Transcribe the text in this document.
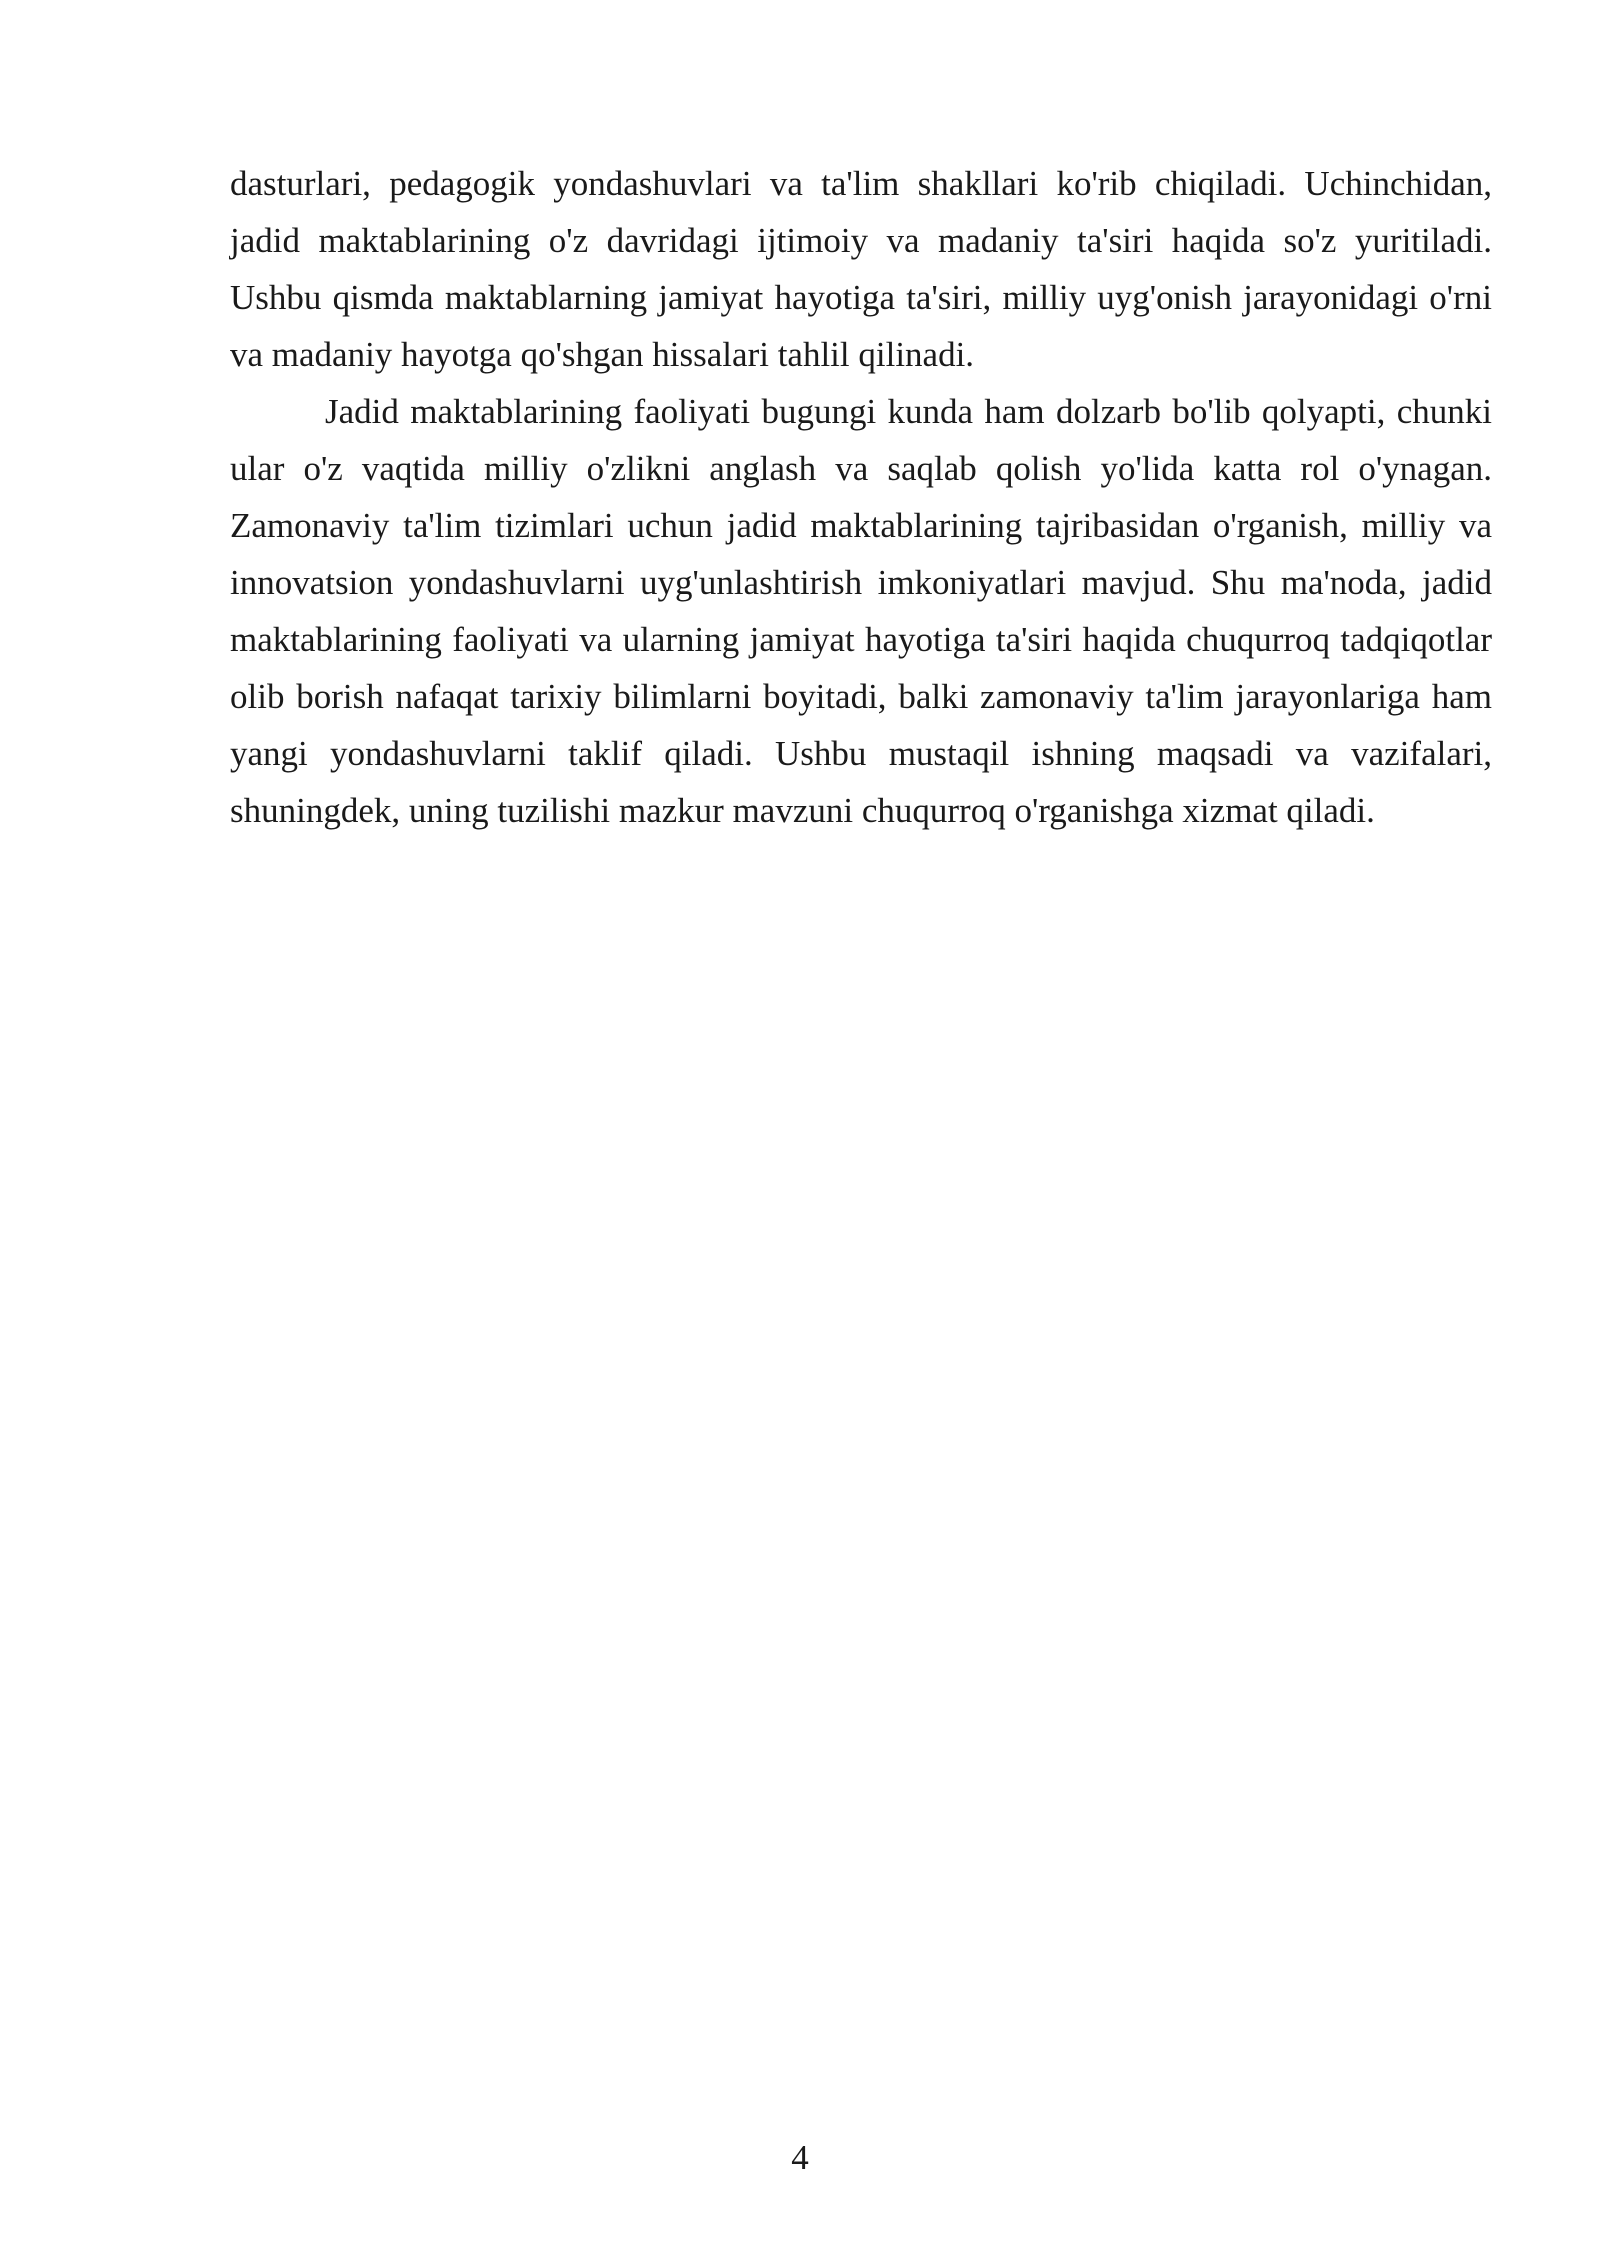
dasturlari, pedagogik yondashuvlari va ta'lim shakllari ko'rib chiqiladi. Uchinchidan, jadid maktablarining o'z davridagi ijtimoiy va madaniy ta'siri haqida so'z yuritiladi. Ushbu qismda maktablarning jamiyat hayotiga ta'siri, milliy uyg'onish jarayonidagi o'rni va madaniy hayotga qo'shgan hissalari tahlil qilinadi.

Jadid maktablarining faoliyati bugungi kunda ham dolzarb bo'lib qolyapti, chunki ular o'z vaqtida milliy o'zlikni anglash va saqlab qolish yo'lida katta rol o'ynagan. Zamonaviy ta'lim tizimlari uchun jadid maktablarining tajribasidan o'rganish, milliy va innovatsion yondashuvlarni uyg'unlashtirish imkoniyatlari mavjud. Shu ma'noda, jadid maktablarining faoliyati va ularning jamiyat hayotiga ta'siri haqida chuqurroq tadqiqotlar olib borish nafaqat tarixiy bilimlarni boyitadi, balki zamonaviy ta'lim jarayonlariga ham yangi yondashuvlarni taklif qiladi. Ushbu mustaqil ishning maqsadi va vazifalari, shuningdek, uning tuzilishi mazkur mavzuni chuqurroq o'rganishga xizmat qiladi.

4
